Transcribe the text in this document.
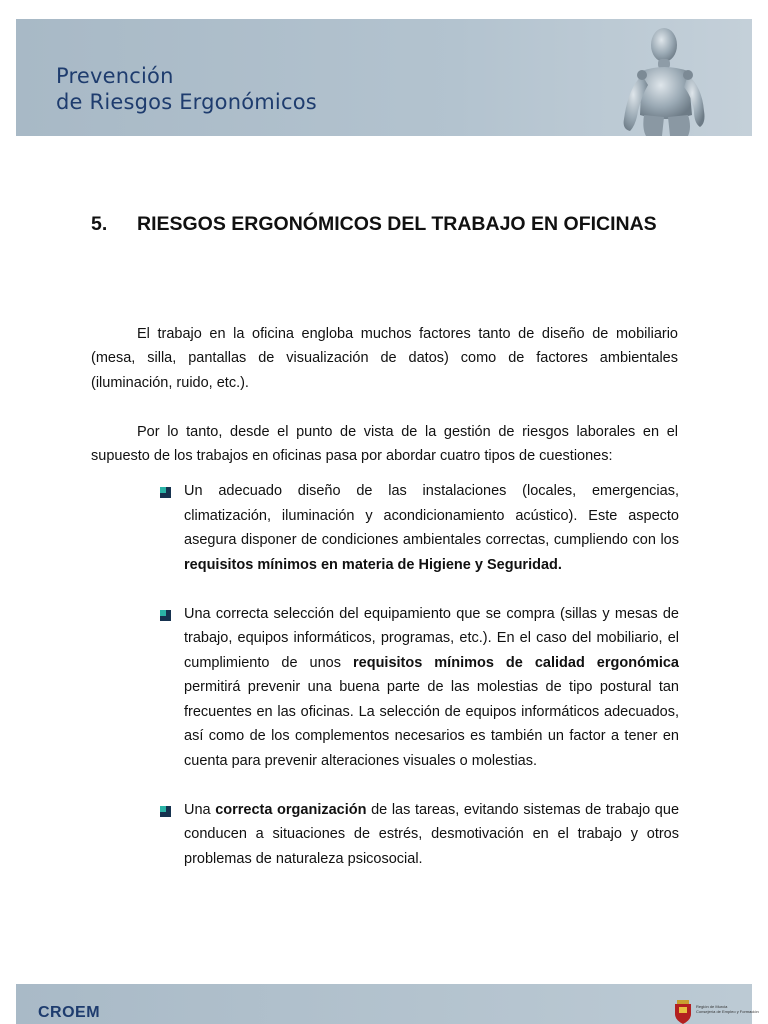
Prevención
de Riesgos Ergonómicos
5. RIESGOS ERGONÓMICOS DEL TRABAJO EN OFICINAS

El trabajo en la oficina engloba muchos factores tanto de diseño de mobiliario (mesa, silla, pantallas de visualización de datos) como de factores ambientales (iluminación, ruido, etc.).

Por lo tanto, desde el punto de vista de la gestión de riesgos laborales en el supuesto de los trabajos en oficinas pasa por abordar cuatro tipos de cuestiones:

Un adecuado diseño de las instalaciones (locales, emergencias, climatización, iluminación y acondicionamiento acústico). Este aspecto asegura disponer de condiciones ambientales correctas, cumpliendo con los requisitos mínimos en materia de Higiene y Seguridad.
Una correcta selección del equipamiento que se compra (sillas y mesas de trabajo, equipos informáticos, programas, etc.). En el caso del mobiliario, el cumplimiento de unos requisitos mínimos de calidad ergonómica permitirá prevenir una buena parte de las molestias de tipo postural tan frecuentes en las oficinas. La selección de equipos informáticos adecuados, así como de los complementos necesarios es también un factor a tener en cuenta para prevenir alteraciones visuales o molestias.
Una correcta organización de las tareas, evitando sistemas de trabajo que conducen a situaciones de estrés, desmotivación en el trabajo y otros problemas de naturaleza psicosocial.
CROEM	Región de Murcia
Consejería de Empleo y Formación
